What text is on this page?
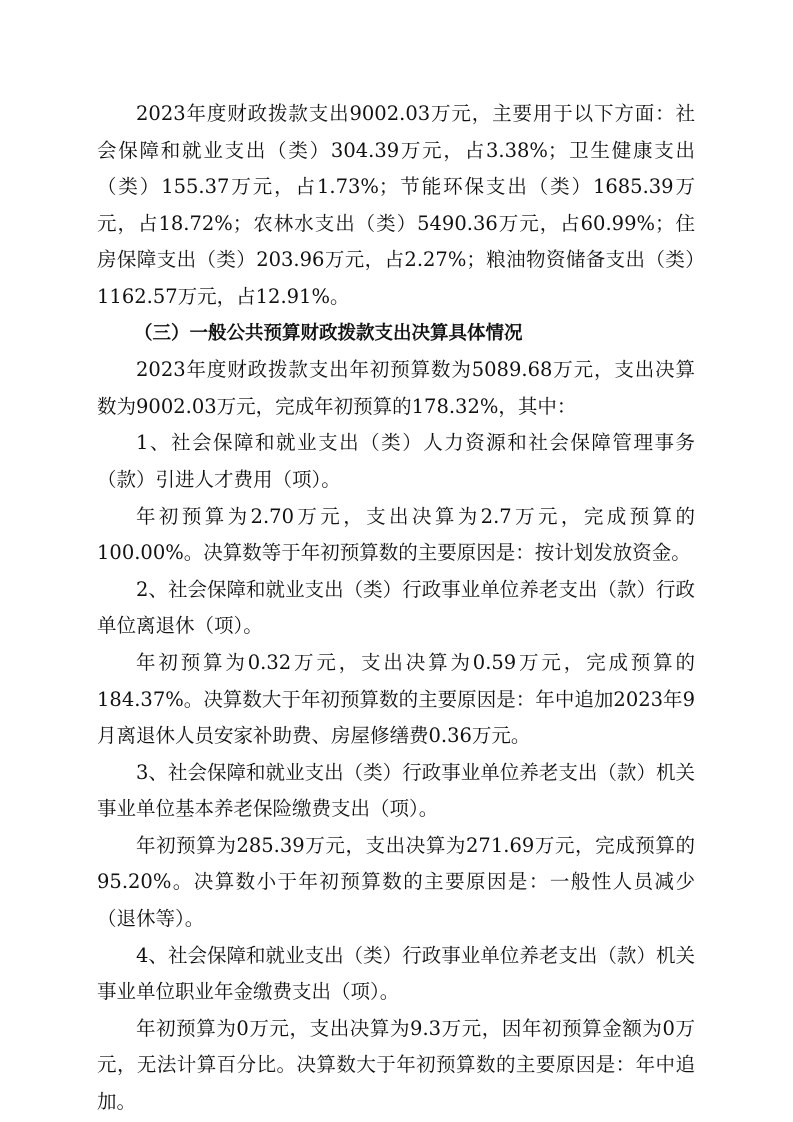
2023年度财政拨款支出9002.03万元，主要用于以下方面：社会保障和就业支出（类）304.39万元，占3.38%；卫生健康支出（类）155.37万元，占1.73%；节能环保支出（类）1685.39万元，占18.72%；农林水支出（类）5490.36万元，占60.99%；住房保障支出（类）203.96万元，占2.27%；粮油物资储备支出（类）1162.57万元，占12.91%。

（三）一般公共预算财政拨款支出决算具体情况

2023年度财政拨款支出年初预算数为5089.68万元，支出决算数为9002.03万元，完成年初预算的178.32%，其中：

1、社会保障和就业支出（类）人力资源和社会保障管理事务（款）引进人才费用（项）。

年初预算为2.70万元，支出决算为2.7万元，完成预算的100.00%。决算数等于年初预算数的主要原因是：按计划发放资金。

2、社会保障和就业支出（类）行政事业单位养老支出（款）行政单位离退休（项）。

年初预算为0.32万元，支出决算为0.59万元，完成预算的184.37%。决算数大于年初预算数的主要原因是：年中追加2023年9月离退休人员安家补助费、房屋修缮费0.36万元。

3、社会保障和就业支出（类）行政事业单位养老支出（款）机关事业单位基本养老保险缴费支出（项）。

年初预算为285.39万元，支出决算为271.69万元，完成预算的95.20%。决算数小于年初预算数的主要原因是：一般性人员减少（退休等）。

4、社会保障和就业支出（类）行政事业单位养老支出（款）机关事业单位职业年金缴费支出（项）。

年初预算为0万元，支出决算为9.3万元，因年初预算金额为0万元，无法计算百分比。决算数大于年初预算数的主要原因是：年中追加。
